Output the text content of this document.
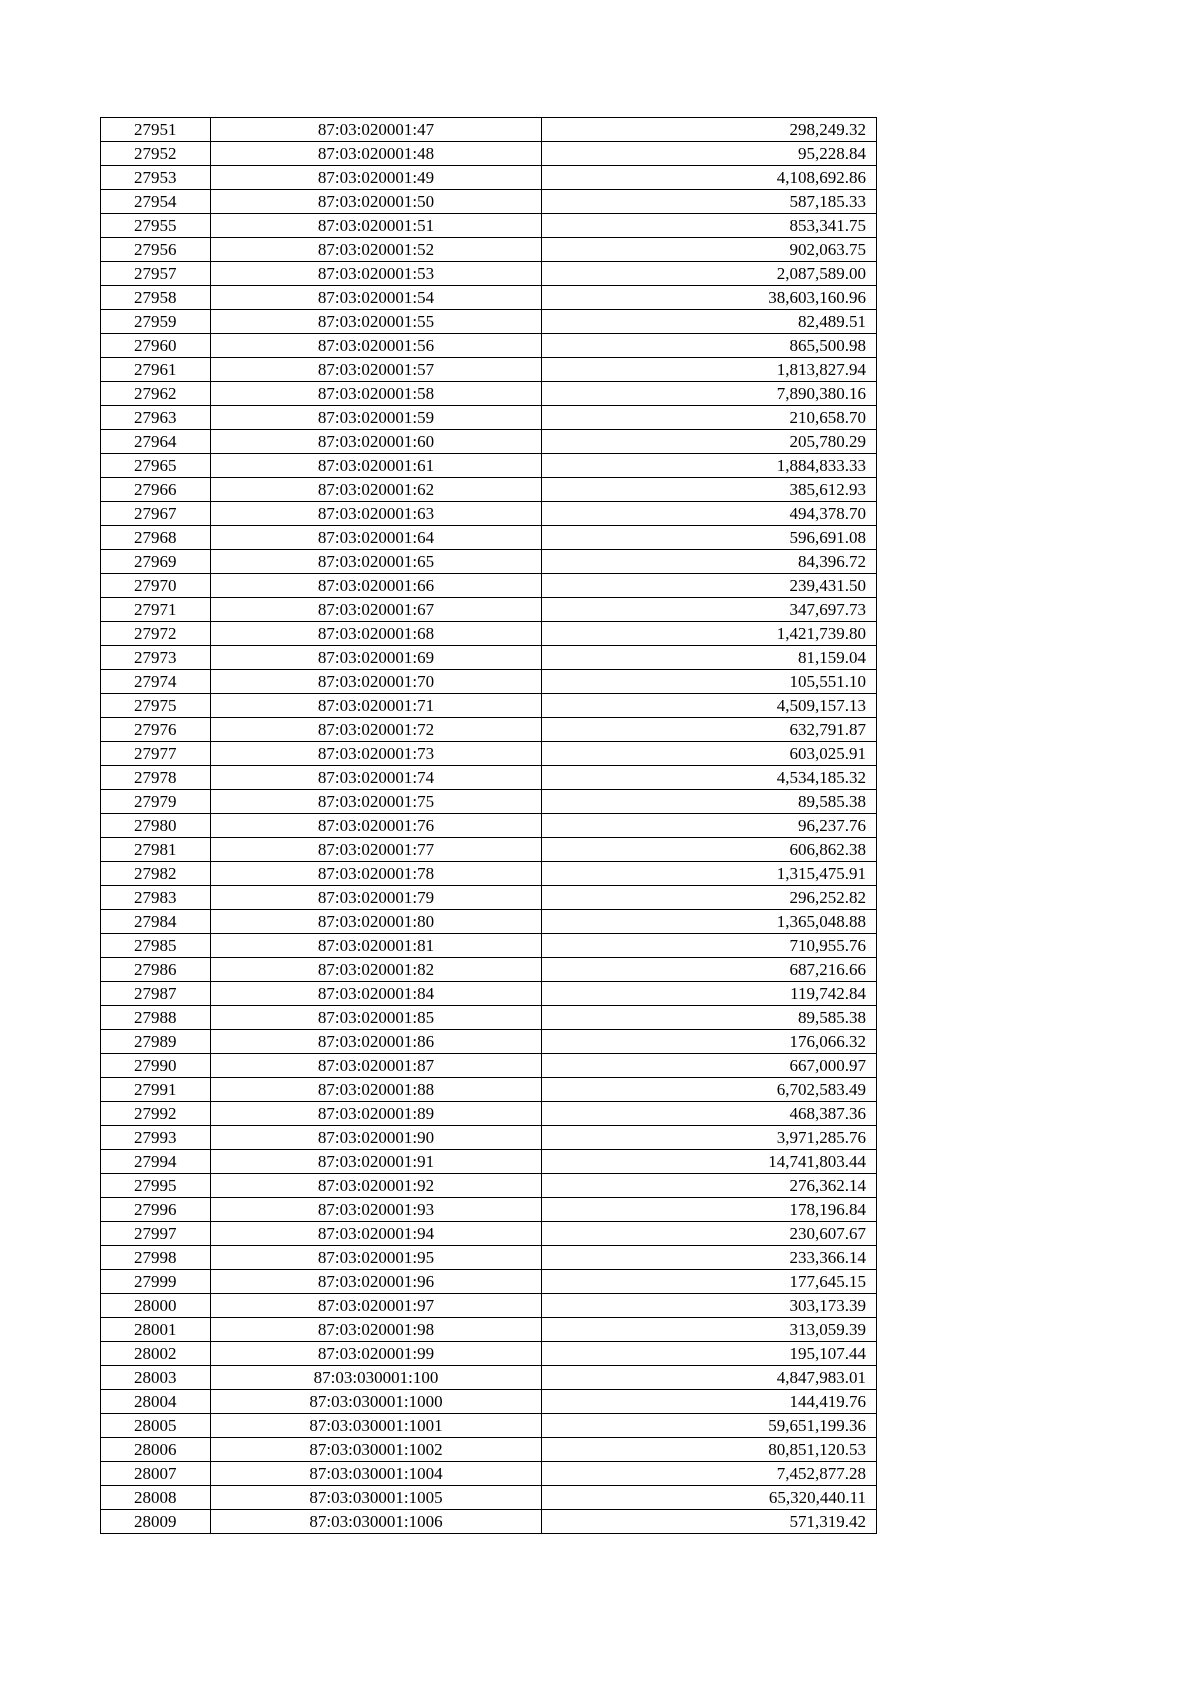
27951	87:03:020001:47	298,249.32
27952	87:03:020001:48	95,228.84
27953	87:03:020001:49	4,108,692.86
27954	87:03:020001:50	587,185.33
27955	87:03:020001:51	853,341.75
27956	87:03:020001:52	902,063.75
27957	87:03:020001:53	2,087,589.00
27958	87:03:020001:54	38,603,160.96
27959	87:03:020001:55	82,489.51
27960	87:03:020001:56	865,500.98
27961	87:03:020001:57	1,813,827.94
27962	87:03:020001:58	7,890,380.16
27963	87:03:020001:59	210,658.70
27964	87:03:020001:60	205,780.29
27965	87:03:020001:61	1,884,833.33
27966	87:03:020001:62	385,612.93
27967	87:03:020001:63	494,378.70
27968	87:03:020001:64	596,691.08
27969	87:03:020001:65	84,396.72
27970	87:03:020001:66	239,431.50
27971	87:03:020001:67	347,697.73
27972	87:03:020001:68	1,421,739.80
27973	87:03:020001:69	81,159.04
27974	87:03:020001:70	105,551.10
27975	87:03:020001:71	4,509,157.13
27976	87:03:020001:72	632,791.87
27977	87:03:020001:73	603,025.91
27978	87:03:020001:74	4,534,185.32
27979	87:03:020001:75	89,585.38
27980	87:03:020001:76	96,237.76
27981	87:03:020001:77	606,862.38
27982	87:03:020001:78	1,315,475.91
27983	87:03:020001:79	296,252.82
27984	87:03:020001:80	1,365,048.88
27985	87:03:020001:81	710,955.76
27986	87:03:020001:82	687,216.66
27987	87:03:020001:84	119,742.84
27988	87:03:020001:85	89,585.38
27989	87:03:020001:86	176,066.32
27990	87:03:020001:87	667,000.97
27991	87:03:020001:88	6,702,583.49
27992	87:03:020001:89	468,387.36
27993	87:03:020001:90	3,971,285.76
27994	87:03:020001:91	14,741,803.44
27995	87:03:020001:92	276,362.14
27996	87:03:020001:93	178,196.84
27997	87:03:020001:94	230,607.67
27998	87:03:020001:95	233,366.14
27999	87:03:020001:96	177,645.15
28000	87:03:020001:97	303,173.39
28001	87:03:020001:98	313,059.39
28002	87:03:020001:99	195,107.44
28003	87:03:030001:100	4,847,983.01
28004	87:03:030001:1000	144,419.76
28005	87:03:030001:1001	59,651,199.36
28006	87:03:030001:1002	80,851,120.53
28007	87:03:030001:1004	7,452,877.28
28008	87:03:030001:1005	65,320,440.11
28009	87:03:030001:1006	571,319.42
